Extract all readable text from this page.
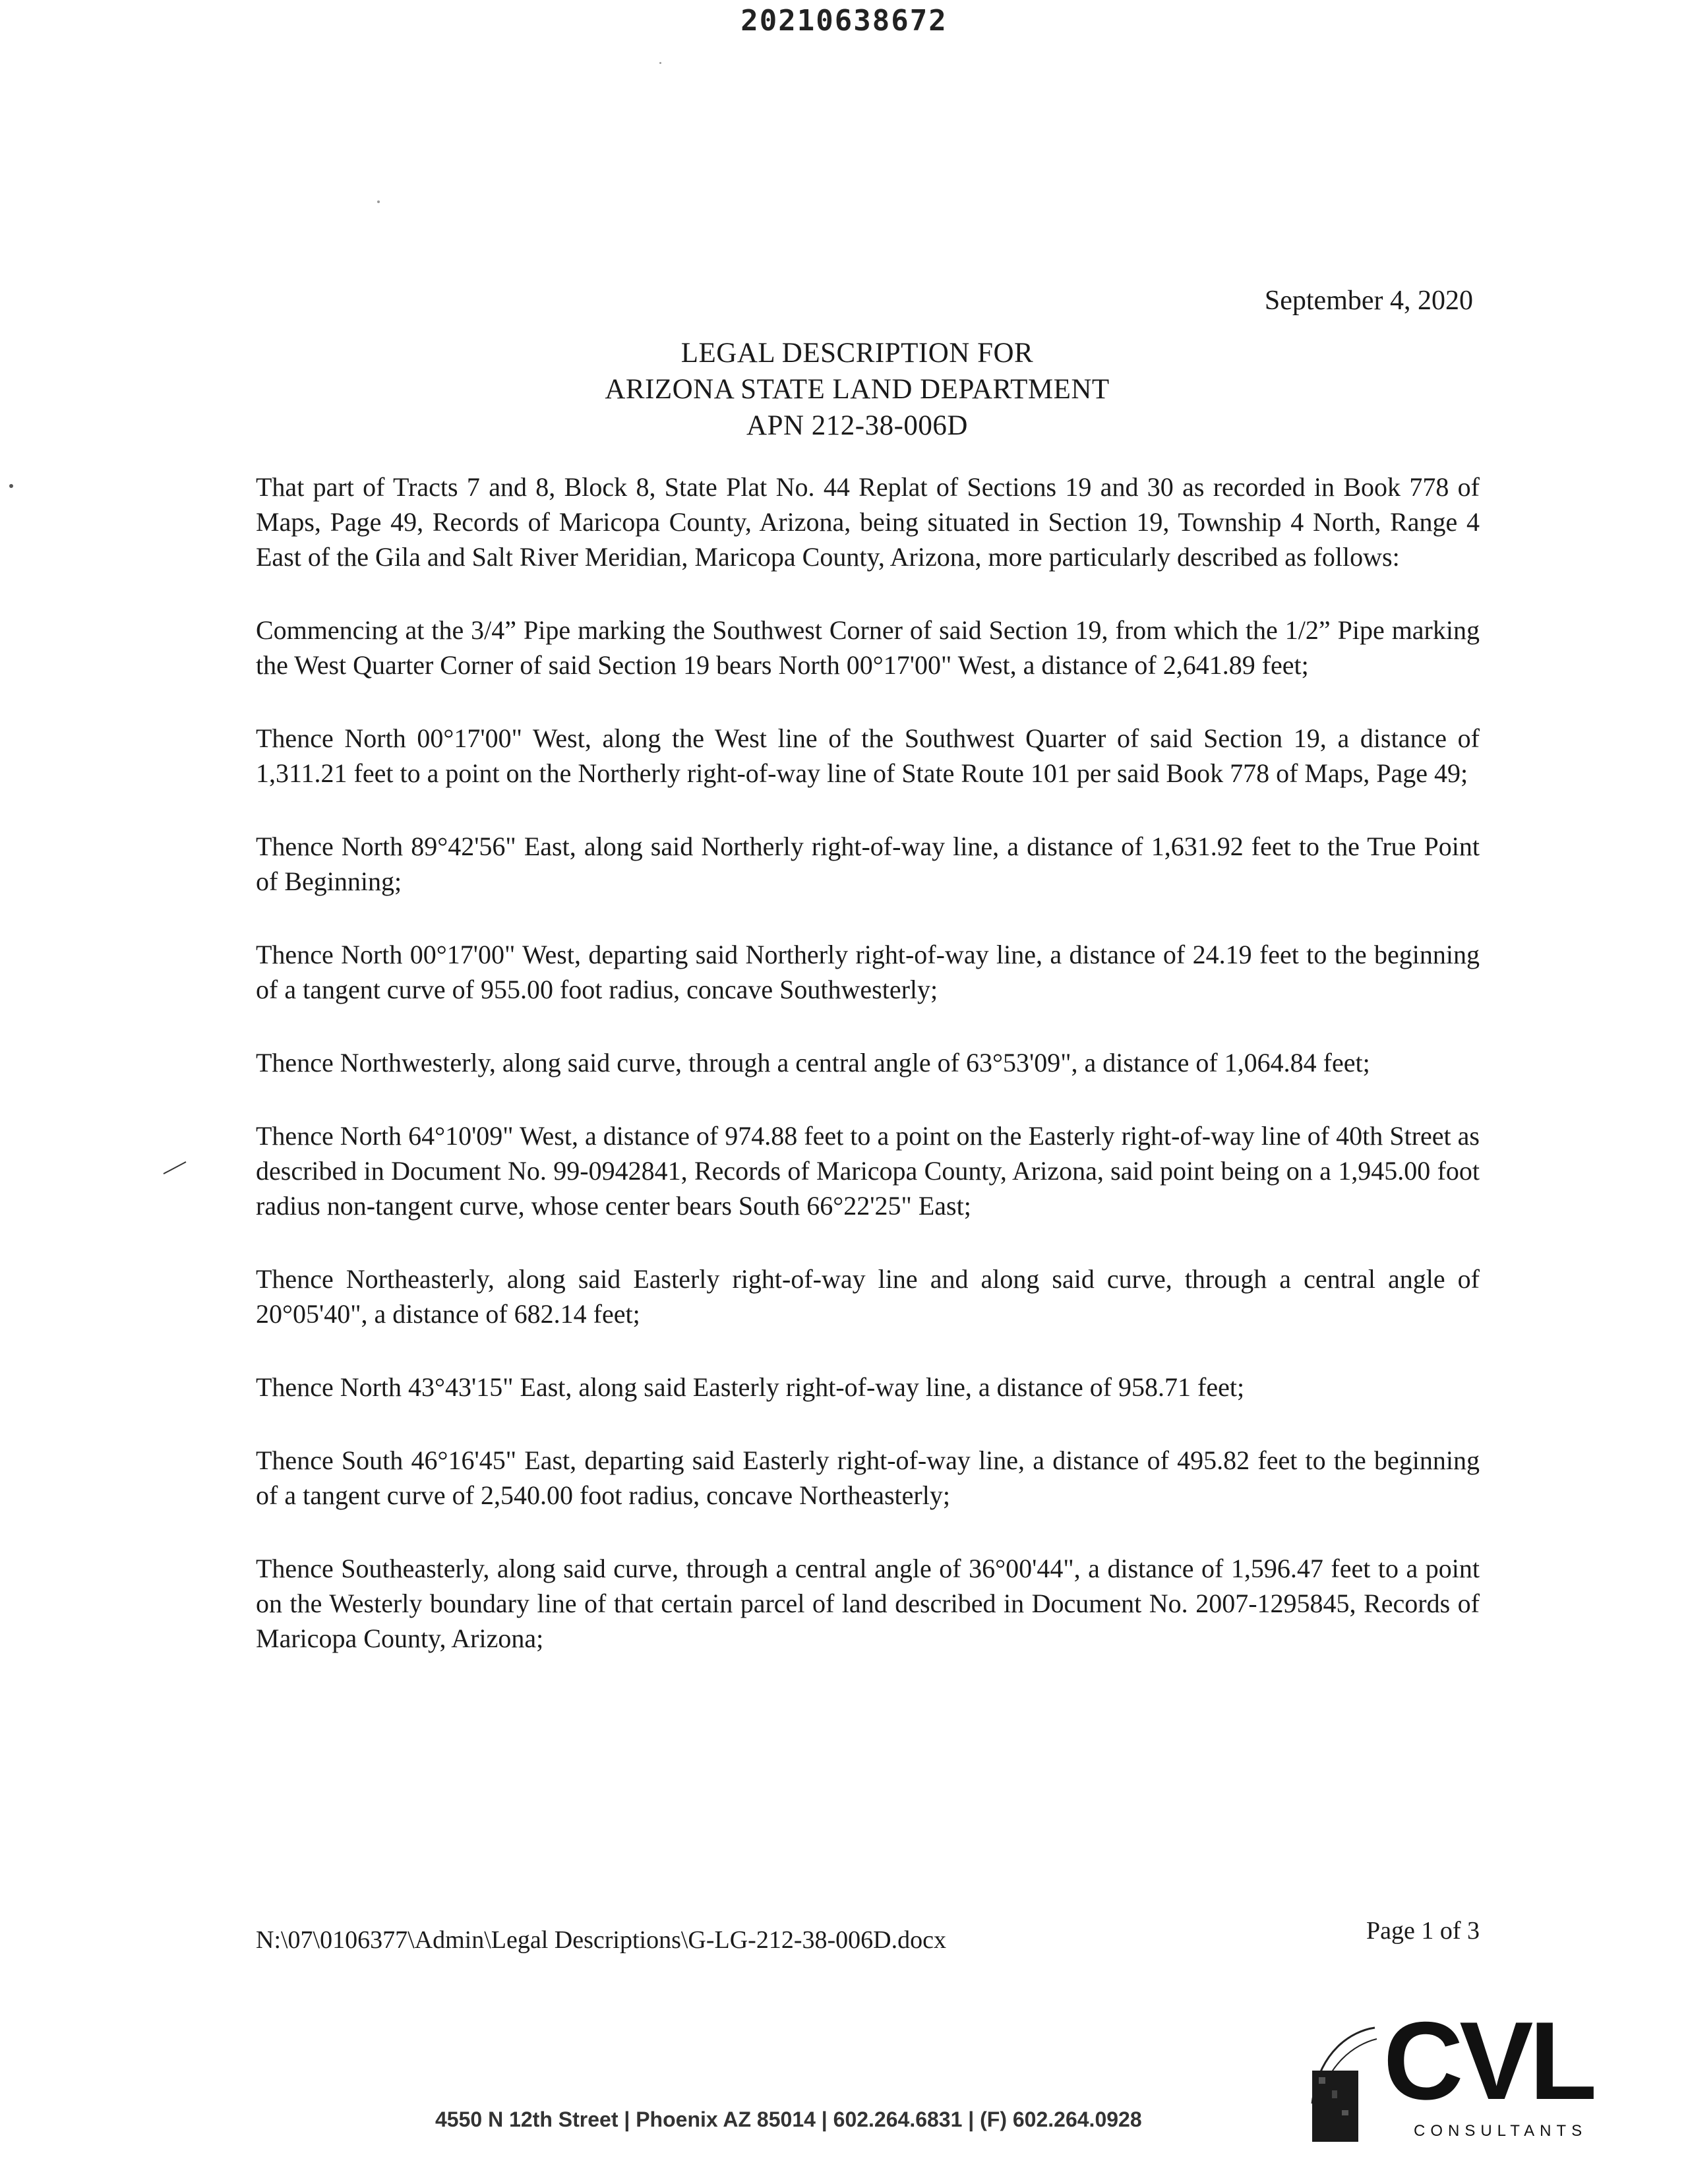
20210638672
September 4, 2020
LEGAL DESCRIPTION FOR
ARIZONA STATE LAND DEPARTMENT
APN 212-38-006D

That part of Tracts 7 and 8, Block 8, State Plat No. 44 Replat of Sections 19 and 30 as recorded in Book 778 of Maps, Page 49, Records of Maricopa County, Arizona, being situated in Section 19, Township 4 North, Range 4 East of the Gila and Salt River Meridian, Maricopa County, Arizona, more particularly described as follows:

Commencing at the 3/4” Pipe marking the Southwest Corner of said Section 19, from which the 1/2” Pipe marking the West Quarter Corner of said Section 19 bears North 00°17'00" West, a distance of 2,641.89 feet;

Thence North 00°17'00" West, along the West line of the Southwest Quarter of said Section 19, a distance of 1,311.21 feet to a point on the Northerly right-of-way line of State Route 101 per said Book 778 of Maps, Page 49;

Thence North 89°42'56" East, along said Northerly right-of-way line, a distance of 1,631.92 feet to the True Point of Beginning;

Thence North 00°17'00" West, departing said Northerly right-of-way line, a distance of 24.19 feet to the beginning of a tangent curve of 955.00 foot radius, concave Southwesterly;

Thence Northwesterly, along said curve, through a central angle of 63°53'09", a distance of 1,064.84 feet;

Thence North 64°10'09" West, a distance of 974.88 feet to a point on the Easterly right-of-way line of 40th Street as described in Document No. 99-0942841, Records of Maricopa County, Arizona, said point being on a 1,945.00 foot radius non-tangent curve, whose center bears South 66°22'25" East;

Thence Northeasterly, along said Easterly right-of-way line and along said curve, through a central angle of 20°05'40", a distance of 682.14 feet;

Thence North 43°43'15" East, along said Easterly right-of-way line, a distance of 958.71 feet;

Thence South 46°16'45" East, departing said Easterly right-of-way line, a distance of 495.82 feet to the beginning of a tangent curve of 2,540.00 foot radius, concave Northeasterly;

Thence Southeasterly, along said curve, through a central angle of 36°00'44", a distance of 1,596.47 feet to a point on the Westerly boundary line of that certain parcel of land described in Document No. 2007-1295845, Records of Maricopa County, Arizona;

N:\07\0106377\Admin\Legal Descriptions\G-LG-212-38-006D.docx	Page 1 of 3
CVL
CONSULTANTS
4550 N 12th Street | Phoenix AZ 85014 | 602.264.6831 | (F) 602.264.0928
